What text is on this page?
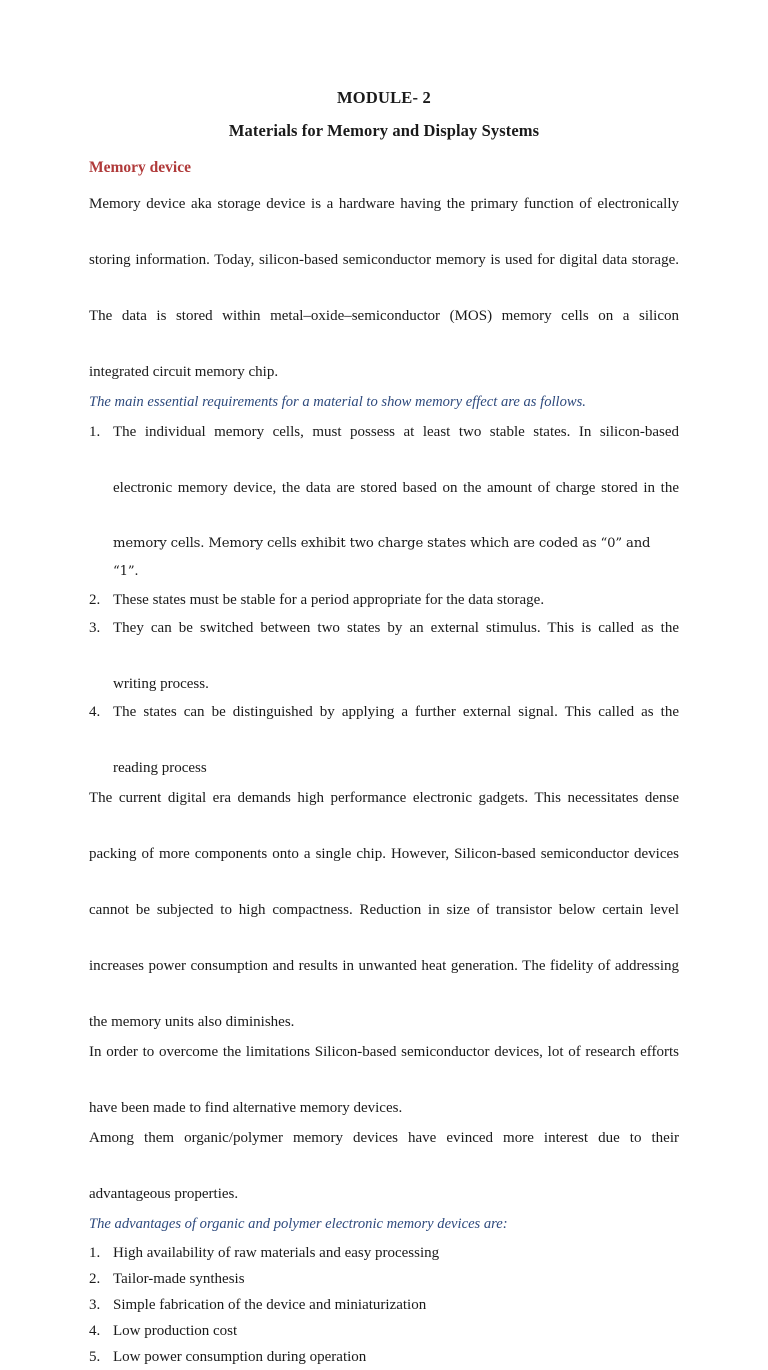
MODULE- 2
Materials for Memory and Display Systems
Memory device

Memory device aka storage device is a hardware having the primary function of electronically
storing information. Today, silicon-based semiconductor memory is used for digital data storage.
The data is stored within metal–oxide–semiconductor (MOS) memory cells on a silicon
integrated circuit memory chip.

The main essential requirements for a material to show memory effect are as follows.

1. The individual memory cells, must possess at least two stable states. In silicon-based
electronic memory device, the data are stored based on the amount of charge stored in the
memory cells. Memory cells exhibit two charge states which are coded as “0” and “1”.
2. These states must be stable for a period appropriate for the data storage.
3. They can be switched between two states by an external stimulus. This is called as the
writing process.
4. The states can be distinguished by applying a further external signal. This called as the
reading process

The current digital era demands high performance electronic gadgets. This necessitates dense
packing of more components onto a single chip. However, Silicon-based semiconductor devices
cannot be subjected to high compactness. Reduction in size of transistor below certain level
increases power consumption and results in unwanted heat generation. The fidelity of addressing
the memory units also diminishes.

In order to overcome the limitations Silicon-based semiconductor devices, lot of research efforts
have been made to find alternative memory devices.

Among them organic/polymer memory devices have evinced more interest due to their
advantageous properties.

The advantages of organic and polymer electronic memory devices are:

1. High availability of raw materials and easy processing
2. Tailor-made synthesis
3. Simple fabrication of the device and miniaturization
4. Low production cost
5. Low power consumption during operation
